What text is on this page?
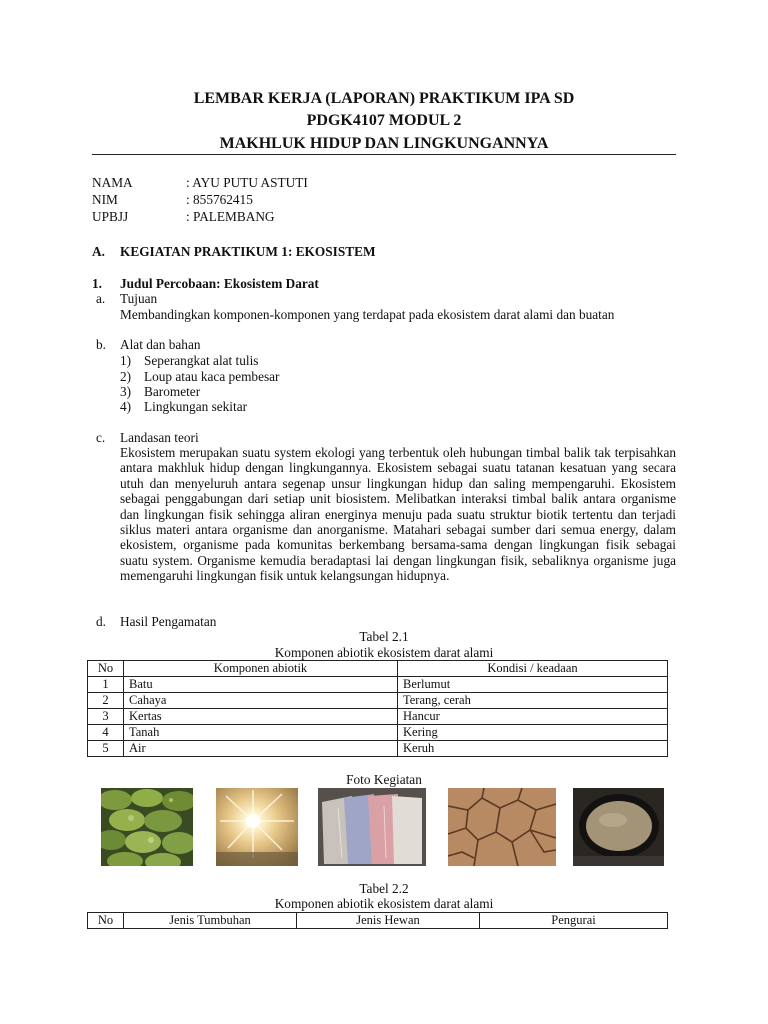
LEMBAR KERJA (LAPORAN) PRAKTIKUM IPA SD
PDGK4107 MODUL 2
MAKHLUK HIDUP DAN LINGKUNGANNYA
NAMA	: AYU PUTU ASTUTI
NIM	: 855762415
UPBJJ	: PALEMBANG
A. KEGIATAN PRAKTIKUM 1: EKOSISTEM
1. Judul Percobaan: Ekosistem Darat
a. Tujuan
Membandingkan komponen-komponen yang terdapat pada ekosistem darat alami dan buatan
b. Alat dan bahan
1) Seperangkat alat tulis
2) Loup atau kaca pembesar
3) Barometer
4) Lingkungan sekitar
c. Landasan teori
Ekosistem merupakan suatu system ekologi yang terbentuk oleh hubungan timbal balik tak terpisahkan antara makhluk hidup dengan lingkungannya. Ekosistem sebagai suatu tatanan kesatuan yang secara utuh dan menyeluruh antara segenap unsur lingkungan hidup dan saling mempengaruhi. Ekosistem sebagai penggabungan dari setiap unit biosistem. Melibatkan interaksi timbal balik antara organisme dan lingkungan fisik sehingga aliran energinya menuju pada suatu struktur biotik tertentu dan terjadi siklus materi antara organisme dan anorganisme. Matahari sebagai sumber dari semua energy, dalam ekosistem, organisme pada komunitas berkembang bersama-sama dengan lingkungan fisik sebagai suatu system. Organisme kemudia beradaptasi lai dengan lingkungan fisik, sebaliknya organisme juga memengaruhi lingkungan fisik untuk kelangsungan hidupnya.
d. Hasil Pengamatan
Tabel 2.1
Komponen abiotik ekosistem darat alami
No	Komponen abiotik	Kondisi / keadaan
1	Batu	Berlumut
2	Cahaya	Terang, cerah
3	Kertas	Hancur
4	Tanah	Kering
5	Air	Keruh
Foto Kegiatan
Tabel 2.2
Komponen abiotik ekosistem darat alami
No	Jenis Tumbuhan	Jenis Hewan	Pengurai
